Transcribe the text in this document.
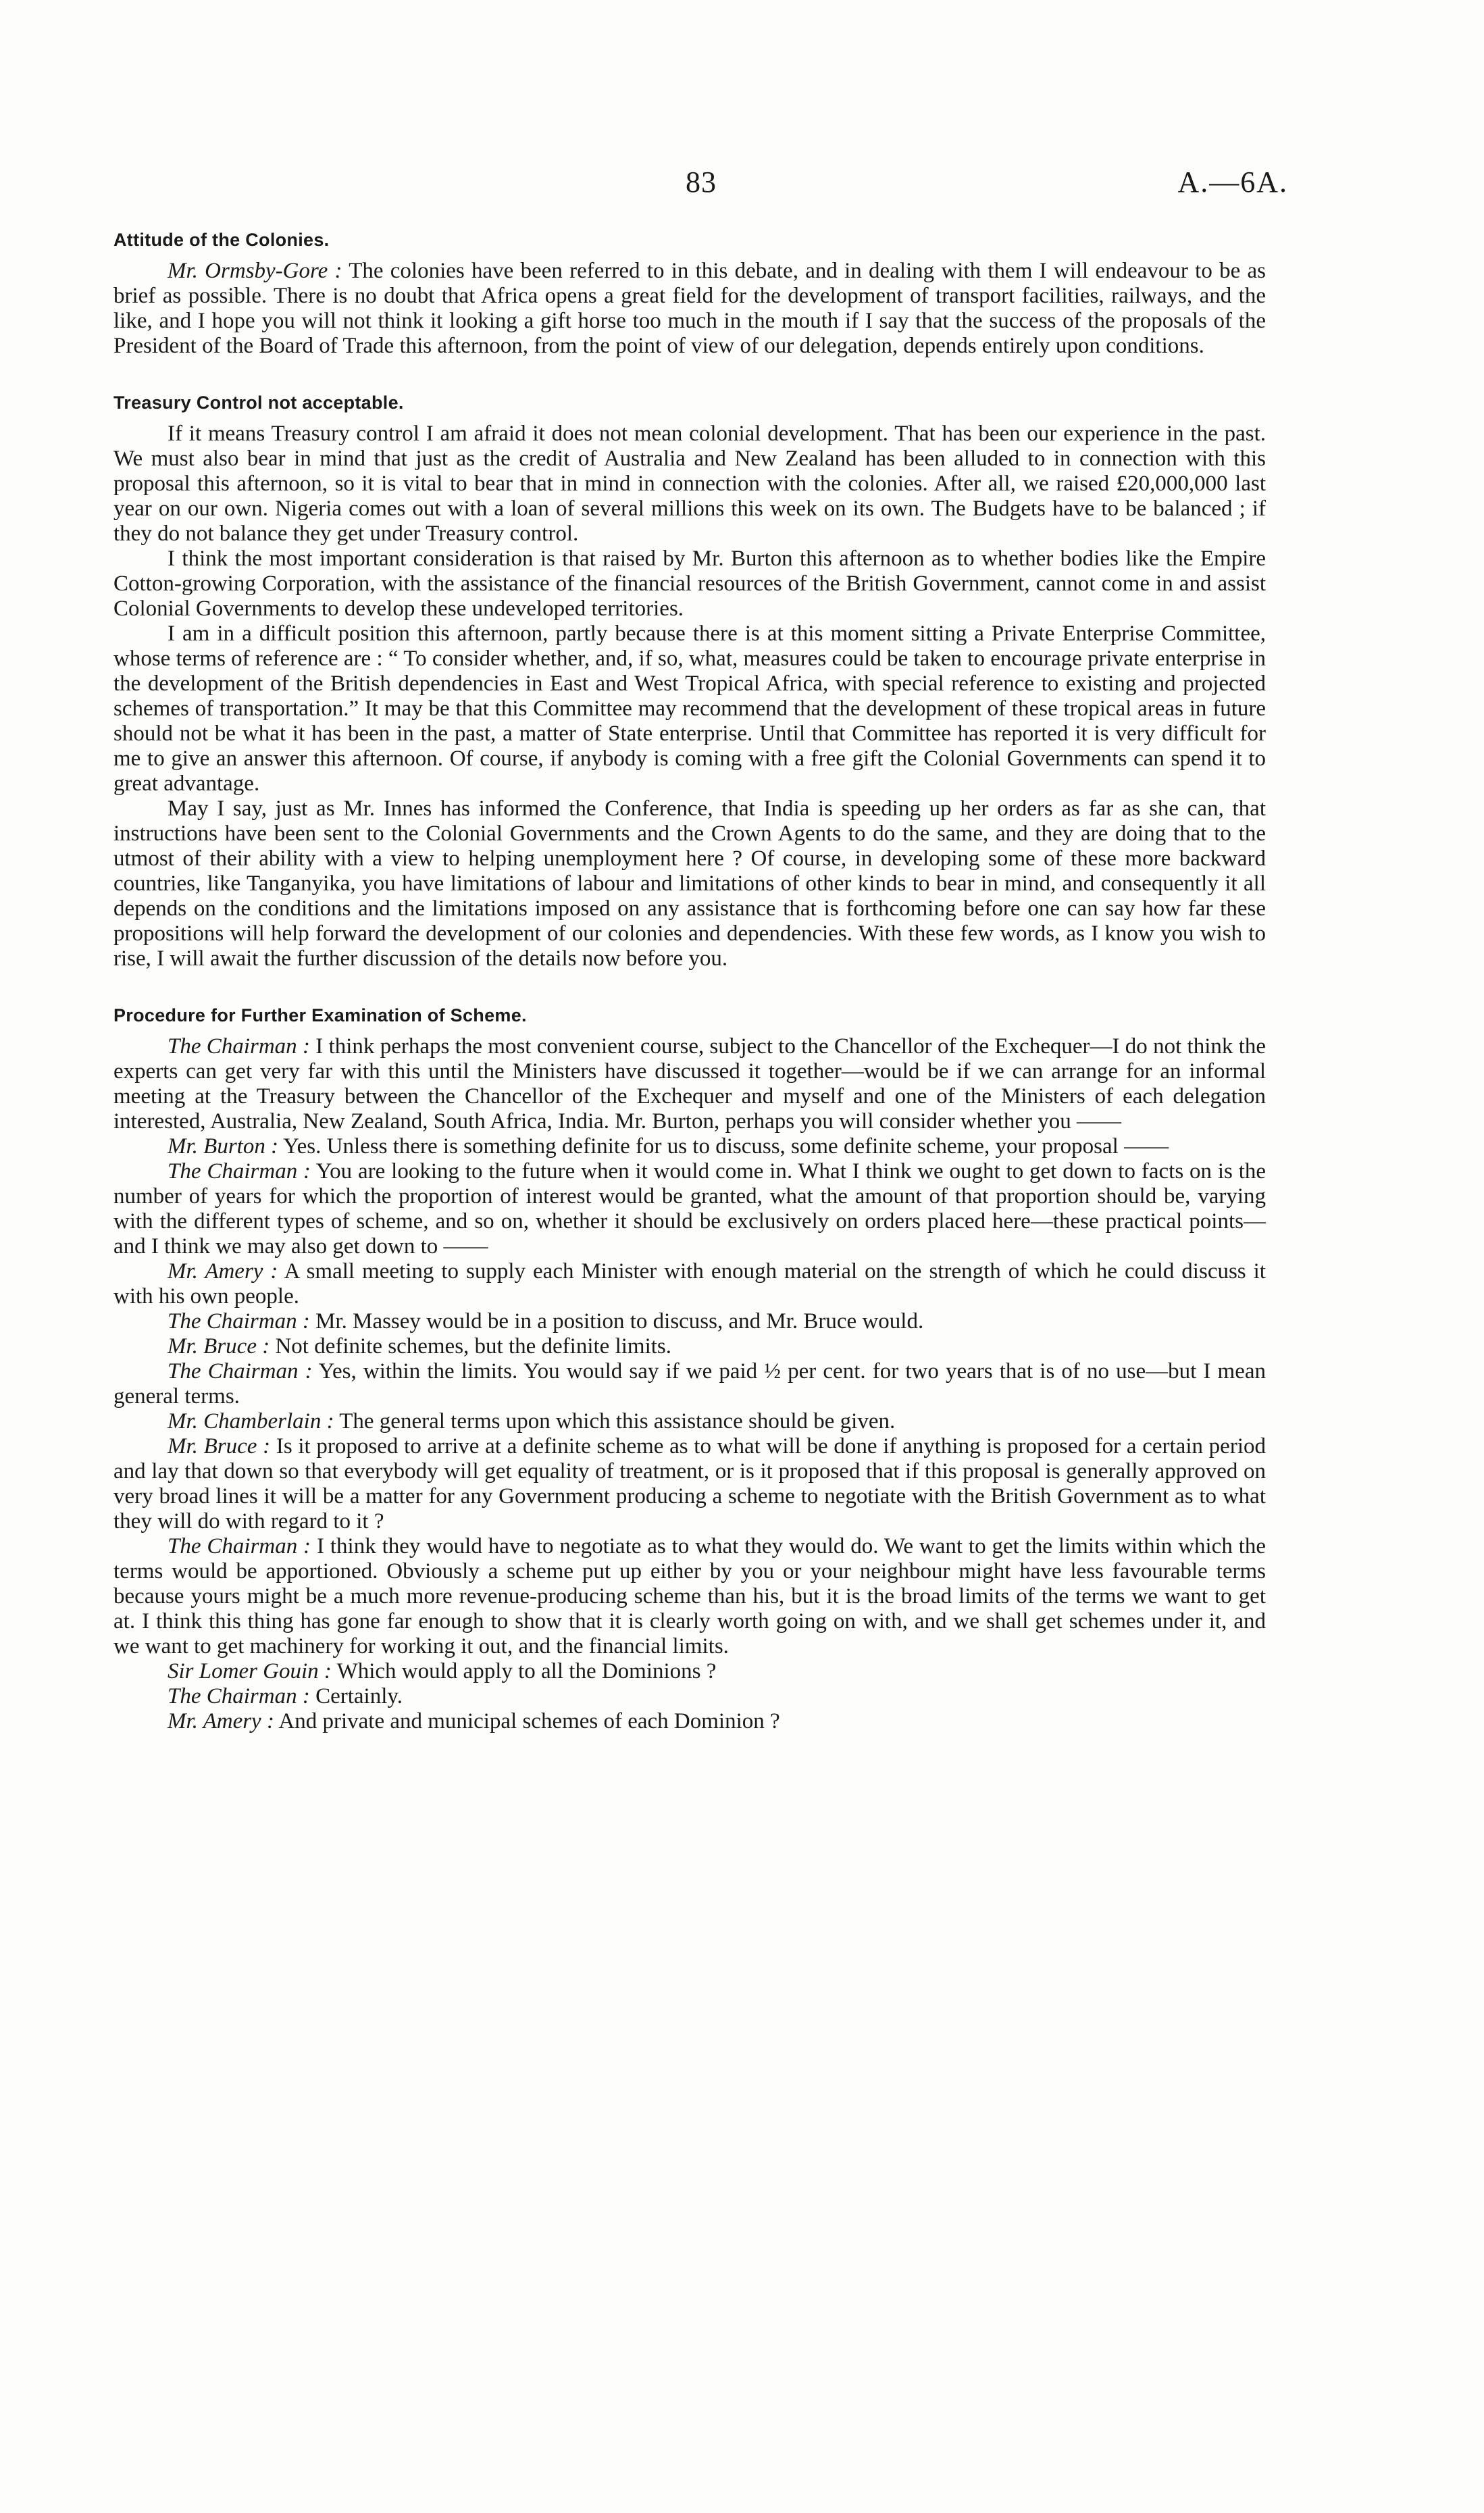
83	A.—6A.
Attitude of the Colonies.

Mr. Ormsby-Gore : The colonies have been referred to in this debate, and in dealing with them I will endeavour to be as brief as possible. There is no doubt that Africa opens a great field for the development of transport facilities, railways, and the like, and I hope you will not think it looking a gift horse too much in the mouth if I say that the success of the proposals of the President of the Board of Trade this afternoon, from the point of view of our delegation, depends entirely upon conditions.

Treasury Control not acceptable.

If it means Treasury control I am afraid it does not mean colonial development. That has been our experience in the past. We must also bear in mind that just as the credit of Australia and New Zealand has been alluded to in connection with this proposal this afternoon, so it is vital to bear that in mind in connection with the colonies. After all, we raised £20,000,000 last year on our own. Nigeria comes out with a loan of several millions this week on its own. The Budgets have to be balanced ; if they do not balance they get under Treasury control.

I think the most important consideration is that raised by Mr. Burton this afternoon as to whether bodies like the Empire Cotton-growing Corporation, with the assistance of the financial resources of the British Government, cannot come in and assist Colonial Governments to develop these undeveloped territories.

I am in a difficult position this afternoon, partly because there is at this moment sitting a Private Enterprise Committee, whose terms of reference are : “ To consider whether, and, if so, what, measures could be taken to encourage private enterprise in the development of the British dependencies in East and West Tropical Africa, with special reference to existing and projected schemes of transportation.” It may be that this Committee may recommend that the development of these tropical areas in future should not be what it has been in the past, a matter of State enterprise. Until that Committee has reported it is very difficult for me to give an answer this afternoon. Of course, if anybody is coming with a free gift the Colonial Governments can spend it to great advantage.

May I say, just as Mr. Innes has informed the Conference, that India is speeding up her orders as far as she can, that instructions have been sent to the Colonial Governments and the Crown Agents to do the same, and they are doing that to the utmost of their ability with a view to helping unemployment here ? Of course, in developing some of these more backward countries, like Tanganyika, you have limitations of labour and limitations of other kinds to bear in mind, and consequently it all depends on the conditions and the limitations imposed on any assistance that is forthcoming before one can say how far these propositions will help forward the development of our colonies and dependencies. With these few words, as I know you wish to rise, I will await the further discussion of the details now before you.

Procedure for Further Examination of Scheme.

The Chairman : I think perhaps the most convenient course, subject to the Chancellor of the Exchequer—I do not think the experts can get very far with this until the Ministers have discussed it together—would be if we can arrange for an informal meeting at the Treasury between the Chancellor of the Exchequer and myself and one of the Ministers of each delegation interested, Australia, New Zealand, South Africa, India. Mr. Burton, perhaps you will consider whether you ——

Mr. Burton : Yes. Unless there is something definite for us to discuss, some definite scheme, your proposal ——

The Chairman : You are looking to the future when it would come in. What I think we ought to get down to facts on is the number of years for which the proportion of interest would be granted, what the amount of that proportion should be, varying with the different types of scheme, and so on, whether it should be exclusively on orders placed here—these practical points—and I think we may also get down to ——

Mr. Amery : A small meeting to supply each Minister with enough material on the strength of which he could discuss it with his own people.

The Chairman : Mr. Massey would be in a position to discuss, and Mr. Bruce would.

Mr. Bruce : Not definite schemes, but the definite limits.

The Chairman : Yes, within the limits. You would say if we paid ½ per cent. for two years that is of no use—but I mean general terms.

Mr. Chamberlain : The general terms upon which this assistance should be given.

Mr. Bruce : Is it proposed to arrive at a definite scheme as to what will be done if anything is proposed for a certain period and lay that down so that everybody will get equality of treatment, or is it proposed that if this proposal is generally approved on very broad lines it will be a matter for any Government producing a scheme to negotiate with the British Government as to what they will do with regard to it ?

The Chairman : I think they would have to negotiate as to what they would do. We want to get the limits within which the terms would be apportioned. Obviously a scheme put up either by you or your neighbour might have less favourable terms because yours might be a much more revenue-producing scheme than his, but it is the broad limits of the terms we want to get at. I think this thing has gone far enough to show that it is clearly worth going on with, and we shall get schemes under it, and we want to get machinery for working it out, and the financial limits.

Sir Lomer Gouin : Which would apply to all the Dominions ?

The Chairman : Certainly.

Mr. Amery : And private and municipal schemes of each Dominion ?
